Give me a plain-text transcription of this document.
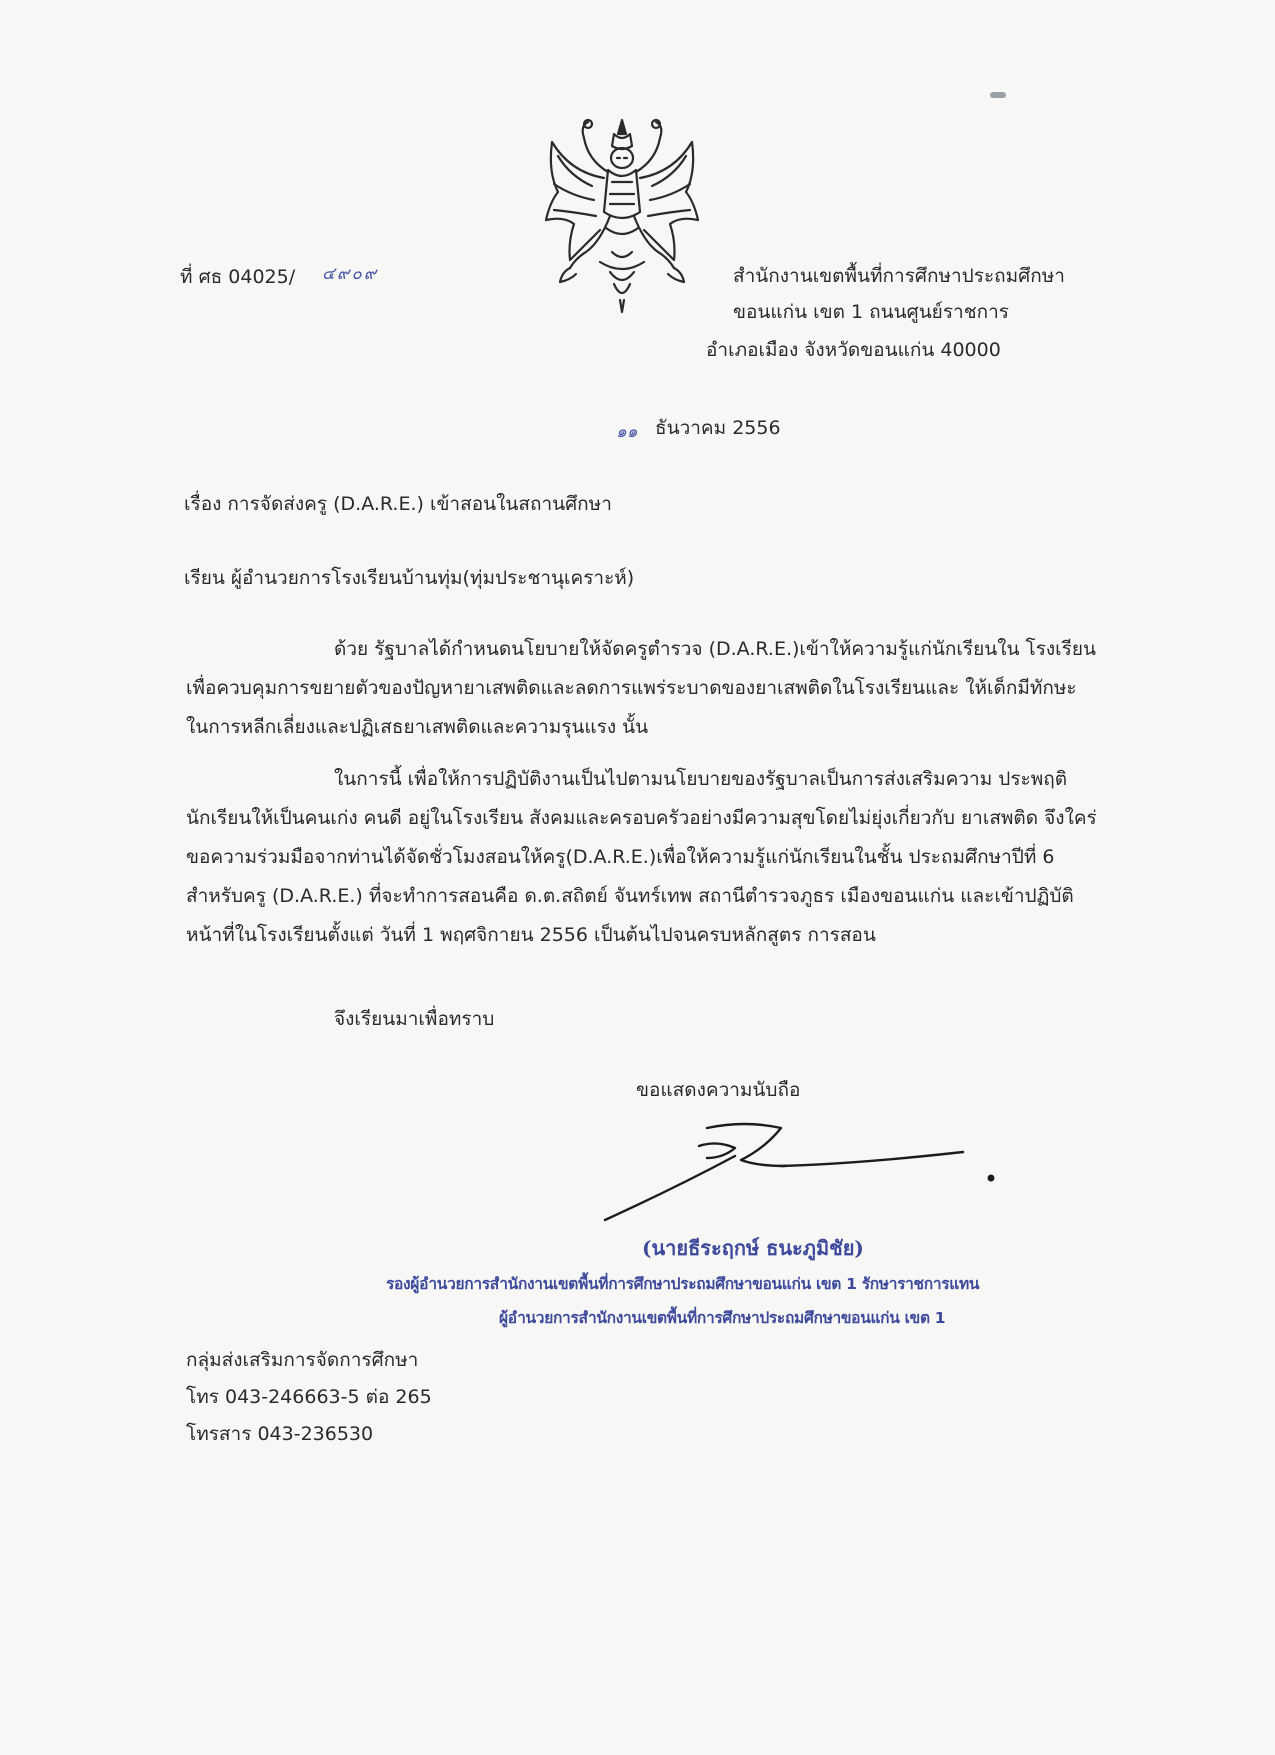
ที่ ศธ 04025/ ๔๙๐๙	สำนักงานเขตพื้นที่การศึกษาประถมศึกษา
ขอนแก่น เขต 1 ถนนศูนย์ราชการ
อำเภอเมือง จังหวัดขอนแก่น 40000
๑๑ ธันวาคม 2556
เรื่อง การจัดส่งครู (D.A.R.E.) เข้าสอนในสถานศึกษา
เรียน ผู้อำนวยการโรงเรียนบ้านทุ่ม(ทุ่มประชานุเคราะห์)
ด้วย รัฐบาลได้กำหนดนโยบายให้จัดครูตำรวจ (D.A.R.E.)เข้าให้ความรู้แก่นักเรียนใน โรงเรียนเพื่อควบคุมการขยายตัวของปัญหายาเสพติดและลดการแพร่ระบาดของยาเสพติดในโรงเรียนและ ให้เด็กมีทักษะในการหลีกเลี่ยงและปฏิเสธยาเสพติดและความรุนแรง นั้น
ในการนี้ เพื่อให้การปฏิบัติงานเป็นไปตามนโยบายของรัฐบาลเป็นการส่งเสริมความ ประพฤตินักเรียนให้เป็นคนเก่ง คนดี อยู่ในโรงเรียน สังคมและครอบครัวอย่างมีความสุขโดยไม่ยุ่งเกี่ยวกับ ยาเสพติด จึงใคร่ขอความร่วมมือจากท่านได้จัดชั่วโมงสอนให้ครู(D.A.R.E.)เพื่อให้ความรู้แก่นักเรียนในชั้น ประถมศึกษาปีที่ 6 สำหรับครู (D.A.R.E.) ที่จะทำการสอนคือ ด.ต.สถิตย์ จันทร์เทพ สถานีตำรวจภูธร เมืองขอนแก่น และเข้าปฏิบัติหน้าที่ในโรงเรียนตั้งแต่ วันที่ 1 พฤศจิกายน 2556 เป็นต้นไปจนครบหลักสูตร การสอน
จึงเรียนมาเพื่อทราบ
ขอแสดงความนับถือ
(นายธีระฤกษ์ ธนะภูมิชัย)
รองผู้อำนวยการสำนักงานเขตพื้นที่การศึกษาประถมศึกษาขอนแก่น เขต 1 รักษาราชการแทน
ผู้อำนวยการสำนักงานเขตพื้นที่การศึกษาประถมศึกษาขอนแก่น เขต 1
กลุ่มส่งเสริมการจัดการศึกษา
โทร 043-246663-5 ต่อ 265
โทรสาร 043-236530
